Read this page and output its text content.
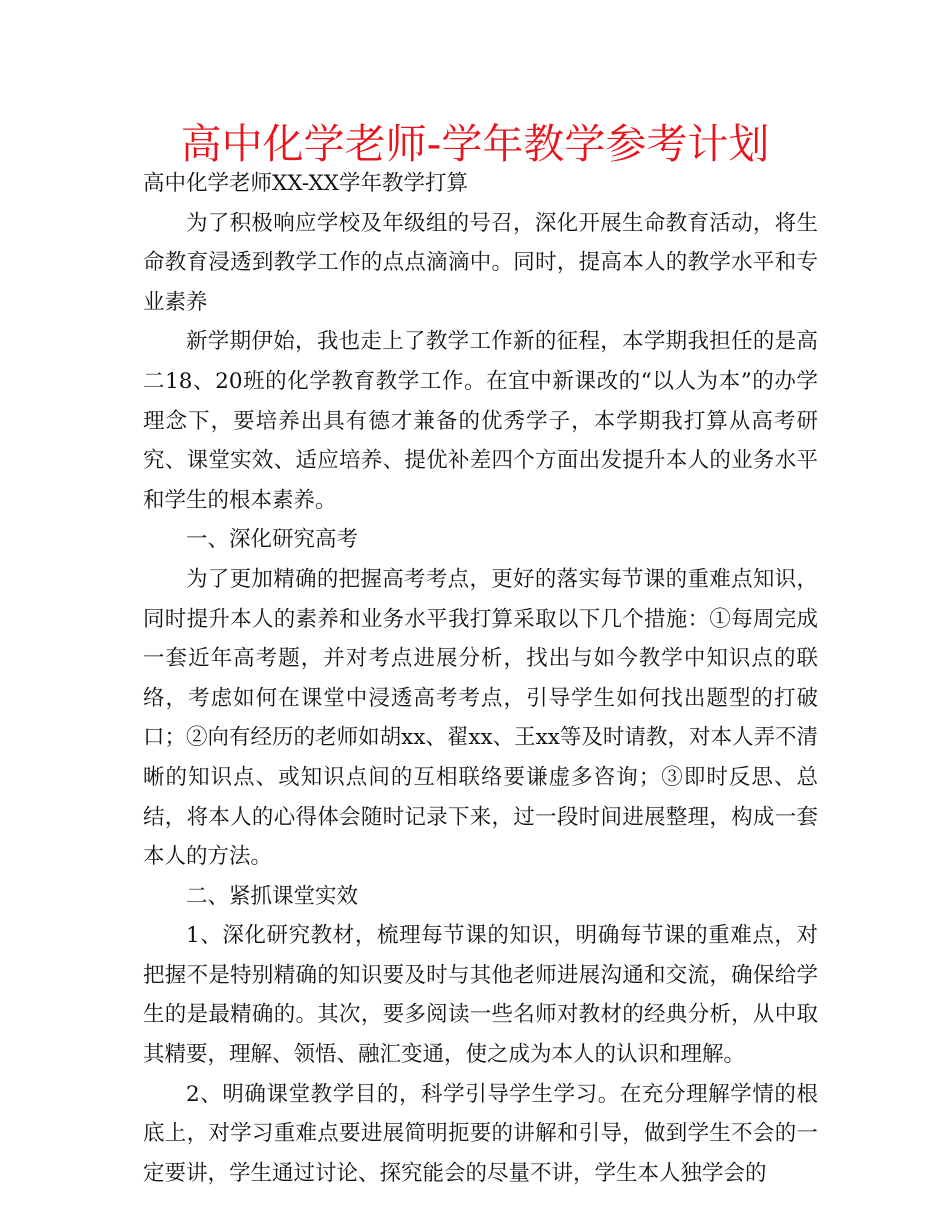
高中化学老师-学年教学参考计划

高中化学老师XX-XX学年教学打算

为了积极响应学校及年级组的号召，深化开展生命教育活动，将生命教育浸透到教学工作的点点滴滴中。同时，提高本人的教学水平和专业素养

新学期伊始，我也走上了教学工作新的征程，本学期我担任的是高二18、20班的化学教育教学工作。在宜中新课改的“以人为本”的办学理念下，要培养出具有德才兼备的优秀学子，本学期我打算从高考研究、课堂实效、适应培养、提优补差四个方面出发提升本人的业务水平和学生的根本素养。

一、深化研究高考

为了更加精确的把握高考考点，更好的落实每节课的重难点知识，同时提升本人的素养和业务水平我打算采取以下几个措施：①每周完成一套近年高考题，并对考点进展分析，找出与如今教学中知识点的联络，考虑如何在课堂中浸透高考考点，引导学生如何找出题型的打破口；②向有经历的老师如胡xx、翟xx、王xx等及时请教，对本人弄不清晰的知识点、或知识点间的互相联络要谦虚多咨询；③即时反思、总结，将本人的心得体会随时记录下来，过一段时间进展整理，构成一套本人的方法。

二、紧抓课堂实效

1、深化研究教材，梳理每节课的知识，明确每节课的重难点，对把握不是特别精确的知识要及时与其他老师进展沟通和交流，确保给学生的是最精确的。其次，要多阅读一些名师对教材的经典分析，从中取其精要，理解、领悟、融汇变通，使之成为本人的认识和理解。

2、明确课堂教学目的，科学引导学生学习。在充分理解学情的根底上，对学习重难点要进展简明扼要的讲解和引导，做到学生不会的一定要讲，学生通过讨论、探究能会的尽量不讲，学生本人独学会的
